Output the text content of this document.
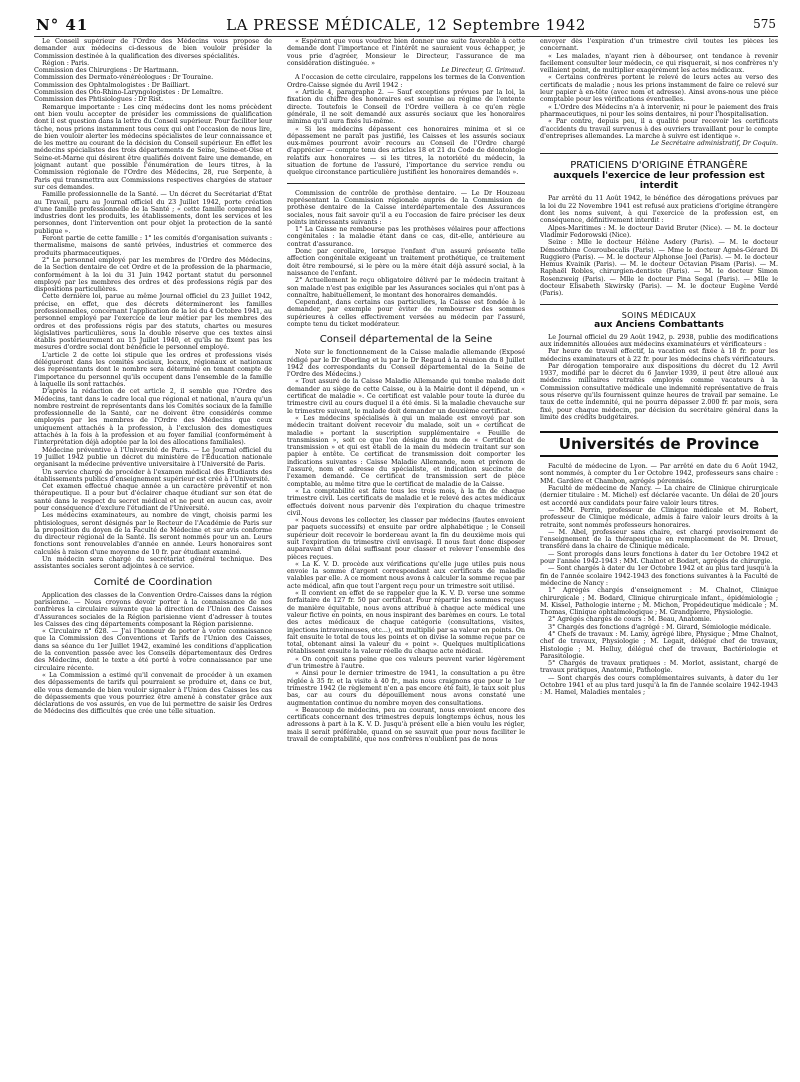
N° 41	LA PRESSE MÉDICALE, 12 Septembre 1942	575

Le Conseil supérieur de l'Ordre des Médecins vous propose de demander aux médecins ci-dessous de bien vouloir présider la Commission destinée à la qualification des diverses spécialités.

Région : Paris.

Commission des Chirurgiens : Dr Hartmann.

Commission des Dermato-vénéréologues : Dr Touraine.

Commission des Ophtalmologistes : Dr Bailliart.

Commission des Oto-Rhino-Laryngologistes : Dr Lemaître.

Commission des Phtisiologues : Dr Rist.

Remarque importante : Les cinq médecins dont les noms précèdent ont bien voulu accepter de présider les commissions de qualification dont il est question dans la lettre du Conseil supérieur. Pour faciliter leur tâche, nous prions instamment tous ceux qui ont l'occasion de nous lire, de bien vouloir alerter les médecins spécialistes de leur connaissance et de les mettre au courant de la décision du Conseil supérieur. En effet les médecins spécialistes des trois départements de Seine, Seine-et-Oise et Seine-et-Marne qui désirent être qualifiés doivent faire une demande, en joignant autant que possible l'énumération de leurs titres, à la Commission régionale de l'Ordre des Médecins, 28, rue Serpente, à Paris qui transmettra aux Commissions respectives chargées de statuer sur ces demandes.

Famille professionnelle de la Santé. — Un décret du Secrétariat d'État au Travail, paru au Journal officiel du 23 Juillet 1942, porte création d'une famille professionnelle de la Santé ; « cette famille comprend les industries dont les produits, les établissements, dont les services et les personnes, dont l'intervention ont pour objet la protection de la santé publique ».

Feront partie de cette famille : 1° les comités d'organisation suivants : thermalisme, maisons de santé privées, industries et commerce des produits pharmaceutiques.

2° Le personnel employé par les membres de l'Ordre des Médecins, de la Section dentaire de cet Ordre et de la profession de la pharmacie, conformément à la loi du 31 Juin 1942 portant statut du personnel employé par les membres des ordres et des professions régis par des dispositions particulières.

Cette dernière loi, parue au même Journal officiel du 23 Juillet 1942, précise, en effet, que des décrets détermineront les familles professionnelles, concernant l'application de la loi du 4 Octobre 1941, au personnel employé par l'exercice de leur métier par les membres des ordres et des professions régis par des statuts, chartes ou mesures législatives particulières, sous la double réserve que ces textes ainsi établis postérieurement au 15 Juillet 1940, et qu'ils ne fixent pas les mesures d'ordre social dont bénéficie le personnel employé.

L'article 2 de cette loi stipule que les ordres et professions visés délégueront dans les comités sociaux, locaux, régionaux et nationaux des représentants dont le nombre sera déterminé en tenant compte de l'importance du personnel qu'ils occupent dans l'ensemble de la famille à laquelle ils sont rattachés.

D'après la rédaction de cet article 2, il semble que l'Ordre des Médecins, tant dans le cadre local que régional et national, n'aura qu'un nombre restreint de représentants dans les Comités sociaux de la famille professionnelle de la Santé, car ne doivent être considérés comme employés par les membres de l'Ordre des Médecins que ceux uniquement attachés à la profession, à l'exclusion des domestiques attachés à la fois à la profession et au foyer familial (conformément à l'interprétation déjà adoptée par la loi des allocations familiales).

Médecine préventive à l'Université de Paris. — Le Journal officiel du 19 Juillet 1942 publie un décret du ministère de l'Éducation nationale organisant la médecine préventive universitaire à l'Université de Paris.

Un service chargé de procéder à l'examen médical des Étudiants des établissements publics d'enseignement supérieur est créé à l'Université.

Cet examen effectué chaque année a un caractère préventif et non thérapeutique. Il a pour but d'éclairer chaque étudiant sur son état de santé dans le respect du secret médical et ne peut en aucun cas, avoir pour conséquence d'exclure l'étudiant de l'Université.

Les médecins examinateurs, au nombre de vingt, choisis parmi les phtisiologues, seront désignés par le Recteur de l'Académie de Paris sur la proposition du doyen de la Faculté de Médecine et sur avis conforme du directeur régional de la Santé. Ils seront nommés pour un an. Leurs fonctions sont renouvelables d'année en année. Leurs honoraires sont calculés à raison d'une moyenne de 10 fr. par étudiant examiné.

Un médecin sera chargé du secrétariat général technique. Des assistantes sociales seront adjointes à ce service.

Comité de Coordination

Application des classes de la Convention Ordre-Caisses dans la région parisienne. — Nous croyons devoir porter à la connaissance de nos confrères la circulaire suivante que la direction de l'Union des Caisses d'Assurances sociales de la Région parisienne vient d'adresser à toutes les Caisses des cinq départements composant la Région parisienne.

« Circulaire n° 628. — J'ai l'honneur de porter à votre connaissance que la Commission des Conventions et Tarifs de l'Union des Caisses, dans sa séance du 1er Juillet 1942, examiné les conditions d'application de la convention passée avec les Conseils départementaux des Ordres des Médecins, dont le texte a été porté à votre connaissance par une circulaire récente.

« La Commission a estimé qu'il convenait de procéder à un examen des dépassements de tarifs qui pourraient se produire et, dans ce but, elle vous demande de bien vouloir signaler à l'Union des Caisses les cas de dépassements que vous pourriez être amené à constater grâce aux déclarations de vos assurés, en vue de lui permettre de saisir les Ordres de Médecins des difficultés que crée une telle situation.

« Espérant que vous voudrez bien donner une suite favorable à cette demande dont l'importance et l'intérêt ne sauraient vous échapper, je vous prie d'agréer, Monsieur le Directeur, l'assurance de ma considération distinguée. »

Le Directeur, G. Grimaud.

A l'occasion de cette circulaire, rappelons les termes de la Convention Ordre-Caisse signée du Avril 1942 :

« Article 4, paragraphe 2. — Sauf exceptions prévues par la loi, la fixation du chiffre des honoraires est soumise au régime de l'entente directe. Toutefois le Conseil de l'Ordre veillera à ce qu'en règle générale, il ne soit demandé aux assurés sociaux que les honoraires minima qu'il aura fixés lui-même.

« Si les médecins dépassent ces honoraires minima et si ce dépassement ne paraît pas justifié, les Caisses et les assurés sociaux eux-mêmes pourront avoir recours au Conseil de l'Ordre chargé d'apprécier — compte tenu des articles 18 et 21 du Code de déontologie relatifs aux honoraires — si les titres, la notoriété du médecin, la situation de fortune de l'assuré, l'importance du service rendu ou quelque circonstance particulière justifient les honoraires demandés ».

Commission de contrôle de prothèse dentaire. — Le Dr Houzeau représentant la Commission régionale auprès de la Commission de prothèse dentaire de la Caisse interdépartementale des Assurances sociales, nous fait savoir qu'il a eu l'occasion de faire préciser les deux points intéressants suivants :

1° La Caisse ne rembourse pas les prothèses vélaires pour affections congénitales : la maladie étant dans ce cas, dit-elle, antérieure au contrat d'assurance.

Donc par corollaire, lorsque l'enfant d'un assuré présente telle affection congénitale exigeant un traitement prothétique, ce traitement doit être remboursé, si le père ou la mère était déjà assuré social, à la naissance de l'enfant.

2° Actuellement le reçu obligatoire délivré par le médecin traitant à son malade n'est pas exigible par les Assurances sociales qui n'ont pas à connaître, habituellement, le montant des honoraires demandés.

Cependant, dans certains cas particuliers, la Caisse est fondée à le demander, par exemple pour éviter de rembourser des sommes supérieures à celles effectivement versées au médecin par l'assuré, compte tenu du ticket modérateur.

Conseil départemental de la Seine

Note sur le fonctionnement de la Caisse maladie allemande (Exposé rédigé par le Dr Oberling et lu par le Dr Regaud à la réunion du 8 Juillet 1942 des correspondants du Conseil départemental de la Seine de l'Ordre des Médecins.)

« Tout assuré de la Caisse Maladie Allemande qui tombe malade doit demander au siège de cette Caisse, ou à la Mairie dont il dépend, un « certificat de maladie ». Ce certificat est valable pour toute la durée du trimestre civil au cours duquel il a été émis. Si la maladie chevauche sur le trimestre suivant, le malade doit demander un deuxième certificat.

« Les médecins spécialisés à qui un malade est envoyé par son médecin traitant doivent recevoir du malade, soit un « certificat de maladie » portant la suscription supplémentaire « Feuille de transmission », soit ce que l'on désigne du nom de « Certificat de transmission » et qui est établi de la main du médecin traitant sur son papier à entête. Ce certificat de transmission doit comporter les indications suivantes : Caisse Maladie Allemande, nom et prénom de l'assuré, nom et adresse du spécialiste, et indication succincte de l'examen demandé. Ce certificat de transmission sert de pièce comptable, au même titre que le certificat de maladie de la Caisse.

« La comptabilité est faite tous les trois mois, à la fin de chaque trimestre civil. Les certificats de maladie et le relevé des actes médicaux effectués doivent nous parvenir dès l'expiration du chaque trimestre civil.

« Nous devons les collecter, les classer par médecins (fautes envoient par paquets successifs) et ensuite par ordre alphabétique ; le Conseil supérieur doit recevoir le bordereau avant la fin du deuxième mois qui suit l'expiration du trimestre civil envisagé. Il nous faut donc disposer auparavant d'un délai suffisant pour classer et relever l'ensemble des pièces reçues.

« La K. V. D. procède aux vérifications qu'elle juge utiles puis nous envoie la somme d'argent correspondant aux certificats de maladie valables par elle. A ce moment nous avons à calculer la somme reçue par acte médical, afin que tout l'argent reçu pour un trimestre soit utilisé.

« Il convient en effet de se rappeler que la K. V. D. verse une somme forfaitaire de 127 fr. 50 par certificat. Pour répartir les sommes reçues de manière équitable, nous avons attribué à chaque acte médical une valeur fictive en points, en nous inspirant des barèmes en cours. Le total des actes médicaux de chaque catégorie (consultations, visites, injections intraveineuses, etc...), est multiplié par sa valeur en points. On fait ensuite le total de tous les points et on divise la somme reçue par ce total, obtenant ainsi la valeur du « point ». Quelques multiplications rétablissent ensuite la valeur réelle du chaque acte médical.

« On conçoit sans peine que ces valeurs peuvent varier légèrement d'un trimestre à l'autre.

« Ainsi pour le dernier trimestre de 1941, la consultation a pu être réglée à 35 fr. et la visite à 40 fr., mais nous craignons que pour le 1er trimestre 1942 (le règlement n'en a pas encore été fait), le taux soit plus bas, car au cours du dépouillement nous avons constaté une augmentation continue du nombre moyen des consultations.

« Beaucoup de médecins, peu au courant, nous envoient encore des certificats concernant des trimestres depuis longtemps échus, nous les adressons à part à la K. V. D. Jusqu'à présent elle a bien voulu les régler, mais il serait préférable, quand on se sauvait que pour nous faciliter le travail de comptabilité, que nos confrères n'oublient pas de nous

envoyer dès l'expiration d'un trimestre civil toutes les pièces les concernant.

« Les malades, n'ayant rien à débourser, ont tendance à revenir facilement consulter leur médecin, ce qui risquerait, si nos confrères n'y veillaient point, de multiplier exagérément les actes médicaux.

« Certains confrères portent le relevé de leurs actes au verso des certificats de maladie ; nous les prions instamment de faire ce relevé sur leur papier à en-tête (avec nom et adresse). Ainsi avons-nous une pièce comptable pour les vérifications éventuelles.

« L'Ordre des Médecins n'a à intervenir, ni pour le paiement des frais pharmaceutiques, ni pour les soins dentaires, ni pour l'hospitalisation.

« Par contre, depuis peu, il a qualité pour recevoir les certificats d'accidents du travail survenus à des ouvriers travaillant pour le compte d'entreprises allemandes. La marche à suivre est identique ».

Le Secrétaire administratif, Dr Coquin.

PRATICIENS D'ORIGINE ÉTRANGÈRE
auxquels l'exercice de leur profession est interdit

Par arrêté du 11 Août 1942, le bénéfice des dérogations prévues par la loi du 22 Novembre 1941 est refusé aux praticiens d'origine étrangère dont les noms suivent, à qui l'exercice de la profession est, en conséquence, définitivement interdit :

Alpes-Maritimes : M. le docteur David Bruter (Nice). — M. le docteur Vladimir Fedorowski (Nice).

Seine : Mlle le docteur Hélène Asdery (Paris). — M. le docteur Démosthène Couroubecalis (Paris). — Mme le docteur Agnès-Gérard Di Ruggiero (Paris). — M. le docteur Alphonse Joel (Paris). — M. le docteur Hemus Kvainik (Paris). — M. le docteur Octavian Pisam (Paris). — M. Raphaël Robles, chirurgien-dentiste (Paris). — M. le docteur Simon Rosenzweig (Paris). — Mlle le docteur Pina Segal (Paris). — Mlle le docteur Elisabeth Skwirsky (Paris). — M. le docteur Eugène Verdé (Paris).

SOINS MÉDICAUX
aux Anciens Combattants

Le Journal officiel du 29 Août 1942, p. 2938, publie des modifications aux indemnités allouées aux médecins examinateurs et vérificateurs :

Par heure de travail effectif, la vacation est fixée à 18 fr. pour les médecins examinateurs et à 22 fr. pour les médecins chefs vérificateurs.

Par dérogation temporaire aux dispositions du décret du 12 Avril 1937, modifié par le décret du 6 Janvier 1939, il peut être alloué aux médecins militaires retraités employés comme vacateurs à la Commission consultative médicale une indemnité représentative de frais sous réserve qu'ils fournissent quinze heures de travail par semaine. Le taux de cette indemnité, qui ne pourra dépasser 2.000 fr. par mois, sera fixé, pour chaque médecin, par décision du secrétaire général dans la limite des crédits budgétaires.

Universités de Province

Faculté de médecine de Lyon. — Par arrêté en date du 6 Août 1942, sont nommés, à compter du 1er Octobre 1942, professeurs sans chaire : MM. Gardère et Chambon, agrégés pérennisés.

Faculté de médecine de Nancy. — La chaire de Clinique chirurgicale (dernier titulaire : M. Michel) est déclarée vacante. Un délai de 20 jours est accordé aux candidats pour faire valoir leurs titres.

— MM. Perrin, professeur de Clinique médicale et M. Robert, professeur de Clinique médicale, admis à faire valoir leurs droits à la retraite, sont nommés professeurs honoraires.

— M. Abel, professeur sans chaire, est chargé provisoirement de l'enseignement de la thérapeutique en remplacement de M. Drouet, transféré dans la chaire de Clinique médicale.

— Sont prorogés dans leurs fonctions à dater du 1er Octobre 1942 et pour l'année 1942-1943 : MM. Chalnot et Bodart, agrégés de chirurgie.

— Sont chargés à dater du 1er Octobre 1942 et au plus tard jusqu'à la fin de l'année scolaire 1942-1943 des fonctions suivantes à la Faculté de médecine de Nancy :

1° Agrégés chargés d'enseignement : M. Chalnot, Clinique chirurgicale ; M. Bodard, Clinique chirurgicale infant., épidémiologie ; M. Kissel, Pathologie interne ; M. Michon, Propédeutique médicale ; M. Thomas, Clinique ophtalmologique ; M. Grandpierre, Physiologie.

2° Agrégés chargés de cours : M. Beau, Anatomie.

3° Chargés des fonctions d'agrégé : M. Girard, Sémiologie médicale.

4° Chefs de travaux : M. Lamy, agrégé libre, Physique ; Mme Chalnot, chef de travaux, Physiologie ; M. Legait, délégué chef de travaux, Histologie ; M. Helluy, délégué chef de travaux, Bactériologie et Parasitologie.

5° Chargés de travaux pratiques : M. Morlot, assistant, chargé de travaux pratiques, Anatomie, Pathologie.

— Sont chargés des cours complémentaires suivants, à dater du 1er Octobre 1941 et au plus tard jusqu'à la fin de l'année scolaire 1942-1943 : M. Hamel, Maladies mentales ;
